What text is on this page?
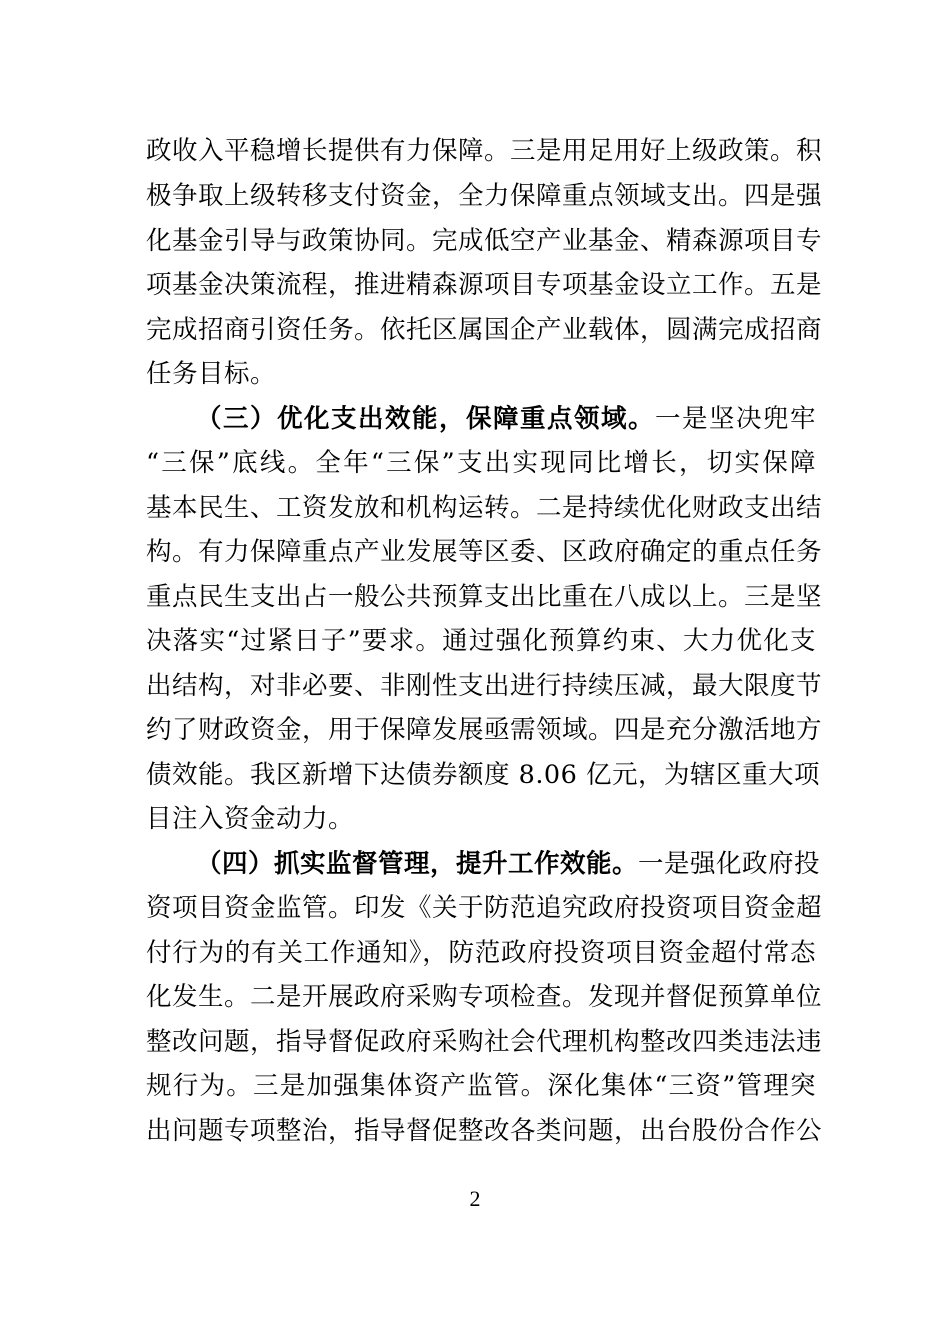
政收入平稳增长提供有力保障。三是用足用好上级政策。积
极争取上级转移支付资金，全力保障重点领域支出。四是强
化基金引导与政策协同。完成低空产业基金、精森源项目专
项基金决策流程，推进精森源项目专项基金设立工作。五是
完成招商引资任务。依托区属国企产业载体，圆满完成招商
任务目标。
（三）优化支出效能，保障重点领域。一是坚决兜牢
“三保”底线。全年“三保”支出实现同比增长，切实保障
基本民生、工资发放和机构运转。二是持续优化财政支出结
构。有力保障重点产业发展等区委、区政府确定的重点任务
重点民生支出占一般公共预算支出比重在八成以上。三是坚
决落实“过紧日子”要求。通过强化预算约束、大力优化支
出结构，对非必要、非刚性支出进行持续压减，最大限度节
约了财政资金，用于保障发展亟需领域。四是充分激活地方
债效能。我区新增下达债券额度 8.06 亿元，为辖区重大项
目注入资金动力。
（四）抓实监督管理，提升工作效能。一是强化政府投
资项目资金监管。印发《关于防范追究政府投资项目资金超
付行为的有关工作通知》，防范政府投资项目资金超付常态
化发生。二是开展政府采购专项检查。发现并督促预算单位
整改问题，指导督促政府采购社会代理机构整改四类违法违
规行为。三是加强集体资产监管。深化集体“三资”管理突
出问题专项整治，指导督促整改各类问题，出台股份合作公
2
